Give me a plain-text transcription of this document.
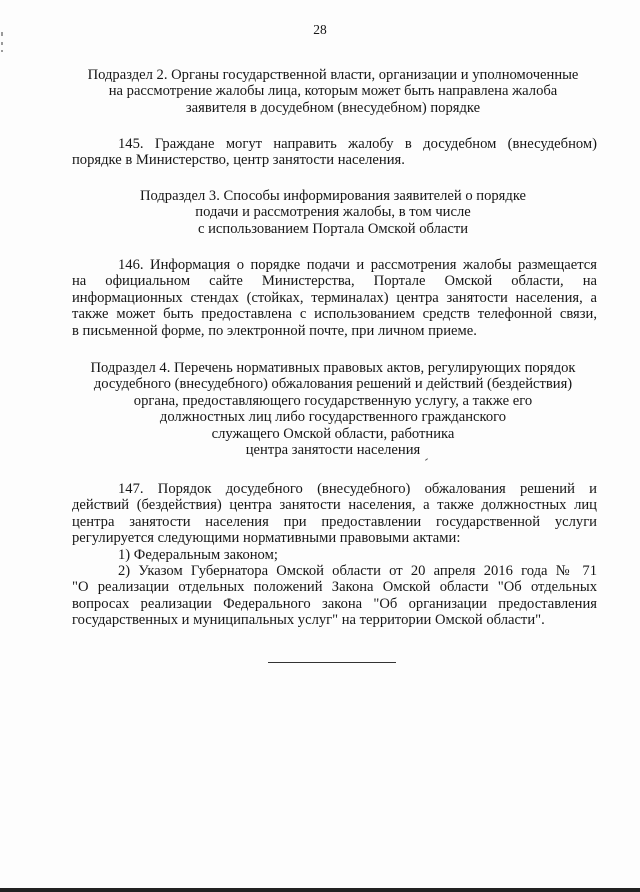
28
Подраздел 2. Органы государственной власти, организации и уполномоченные
на рассмотрение жалобы лица, которым может быть направлена жалоба
заявителя в досудебном (внесудебном) порядке
145. Граждане могут направить жалобу в досудебном (внесудебном)
порядке в Министерство, центр занятости населения.
Подраздел 3. Способы информирования заявителей о порядке
подачи и рассмотрения жалобы, в том числе
с использованием Портала Омской области
146. Информация о порядке подачи и рассмотрения жалобы размещается
на официальном сайте Министерства, Портале Омской области, на
информационных стендах (стойках, терминалах) центра занятости населения, а
также может быть предоставлена с использованием средств телефонной связи,
в письменной форме, по электронной почте, при личном приеме.
Подраздел 4. Перечень нормативных правовых актов, регулирующих порядок
досудебного (внесудебного) обжалования решений и действий (бездействия)
органа, предоставляющего государственную услугу, а также его
должностных лиц либо государственного гражданского
служащего Омской области, работника
центра занятости населения
147. Порядок досудебного (внесудебного) обжалования решений и
действий (бездействия) центра занятости населения, а также должностных лиц
центра занятости населения при предоставлении государственной услуги
регулируется следующими нормативными правовыми актами:
1) Федеральным законом;
2) Указом Губернатора Омской области от 20 апреля 2016 года № 71
"О реализации отдельных положений Закона Омской области "Об отдельных
вопросах реализации Федерального закона "Об организации предоставления
государственных и муниципальных услуг" на территории Омской области".
